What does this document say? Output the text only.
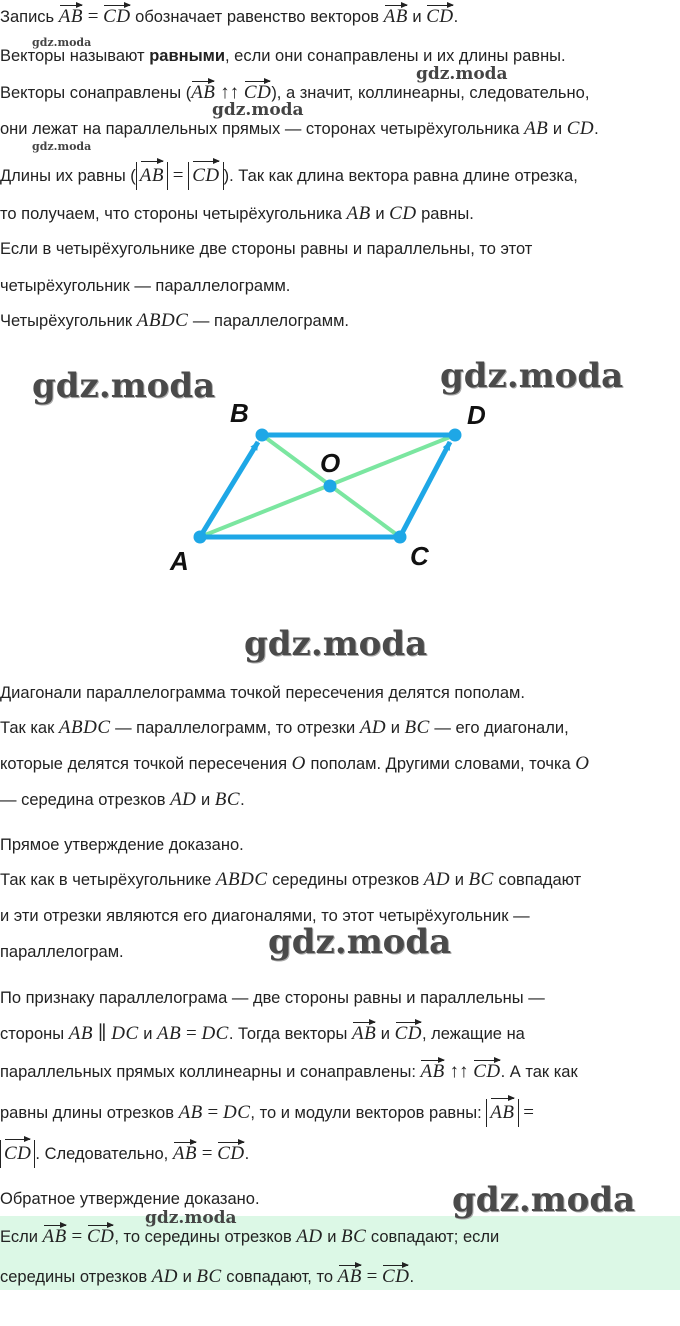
Запись AB = CD обозначает равенство векторов AB и CD.
Векторы называют равными, если они сонаправлены и их длины равны.
Векторы сонаправлены (AB ↑↑ CD), а значит, коллинеарны, следовательно,
они лежат на параллельных прямых — сторонах четырёхугольника AB и CD.
Длины их равны ( AB = CD ). Так как длина вектора равна длине отрезка,
то получаем, что стороны четырёхугольника AB и CD равны.
Если в четырёхугольнике две стороны равны и параллельны, то этот
четырёхугольник — параллелограмм.
Четырёхугольник ABDC — параллелограмм.
A
B
C
D
O
Диагонали параллелограмма точкой пересечения делятся пополам.
Так как ABDC — параллелограмм, то отрезки AD и BC — его диагонали,
которые делятся точкой пересечения O пополам. Другими словами, точка O
— середина отрезков AD и BC.
Прямое утверждение доказано.
Так как в четырёхугольнике ABDC середины отрезков AD и BC совпадают
и эти отрезки являются его диагоналями, то этот четырёхугольник —
параллелограм.
По признаку параллелограма — две стороны равны и параллельны —
стороны AB ∥ DC и AB = DC. Тогда векторы AB и CD, лежащие на
параллельных прямых коллинеарны и сонаправлены: AB ↑↑ CD. А так как
равны длины отрезков AB = DC, то и модули векторов равны: AB =
CD . Следовательно, AB = CD.
Обратное утверждение доказано.
Если AB = CD, то середины отрезков AD и BC совпадают; если
середины отрезков AD и BC совпадают, то AB = CD.
gdz.moda
gdz.moda
gdz.moda
gdz.moda
gdz.moda	gdz.moda
gdz.moda
gdz.moda
gdz.moda
gdz.moda
